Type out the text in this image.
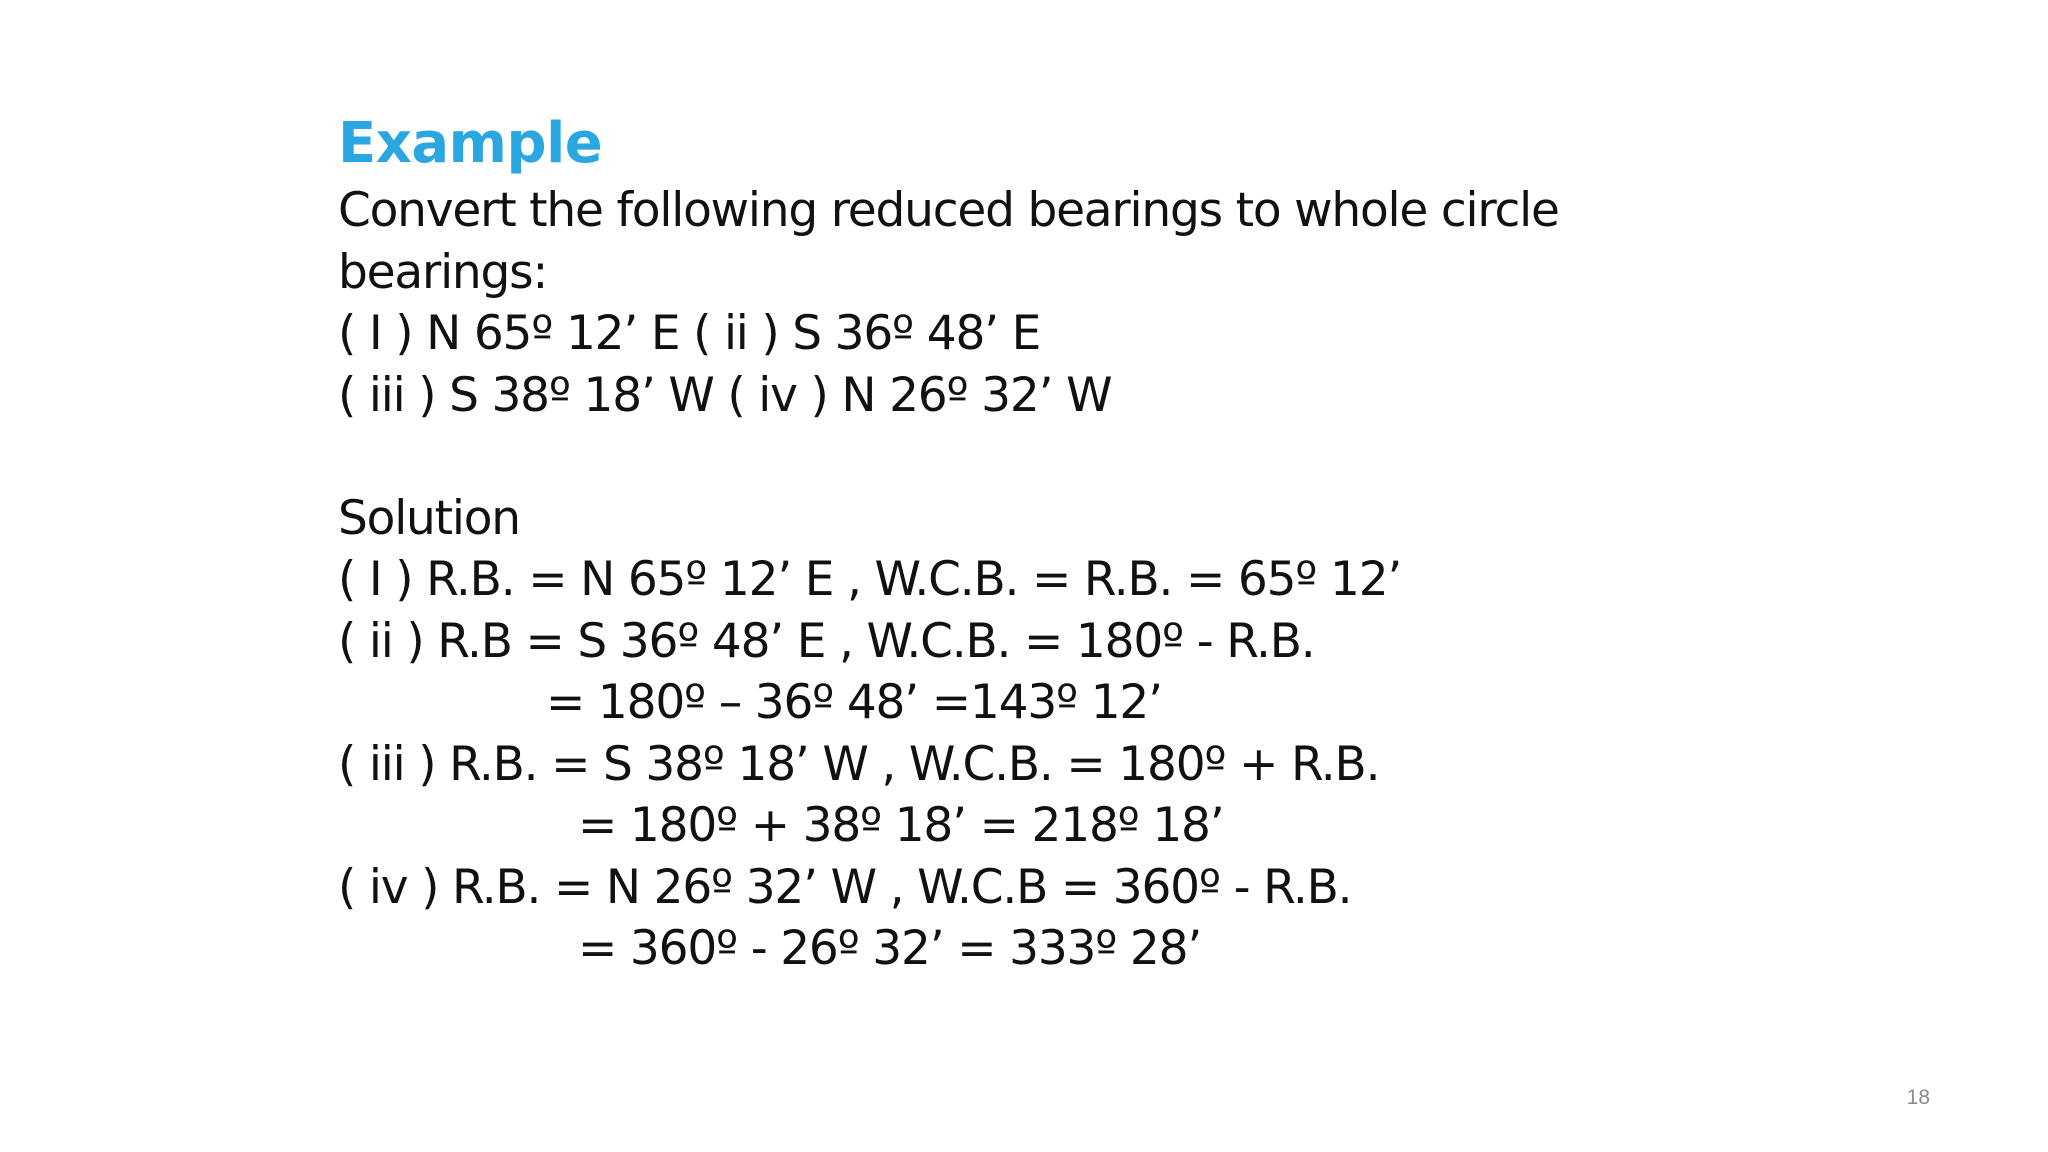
Example
Convert the following reduced bearings to whole circle
bearings:
( I ) N 65º 12’ E ( ii ) S 36º 48’ E
( iii ) S 38º 18’ W ( iv ) N 26º 32’ W
Solution
( I ) R.B. = N 65º 12’ E , W.C.B. = R.B. = 65º 12’
( ii ) R.B = S 36º 48’ E , W.C.B. = 180º - R.B.
= 180º – 36º 48’ =143º 12’
( iii ) R.B. = S 38º 18’ W , W.C.B. = 180º + R.B.
= 180º + 38º 18’ = 218º 18’
( iv ) R.B. = N 26º 32’ W , W.C.B = 360º - R.B.
= 360º - 26º 32’ = 333º 28’
18
